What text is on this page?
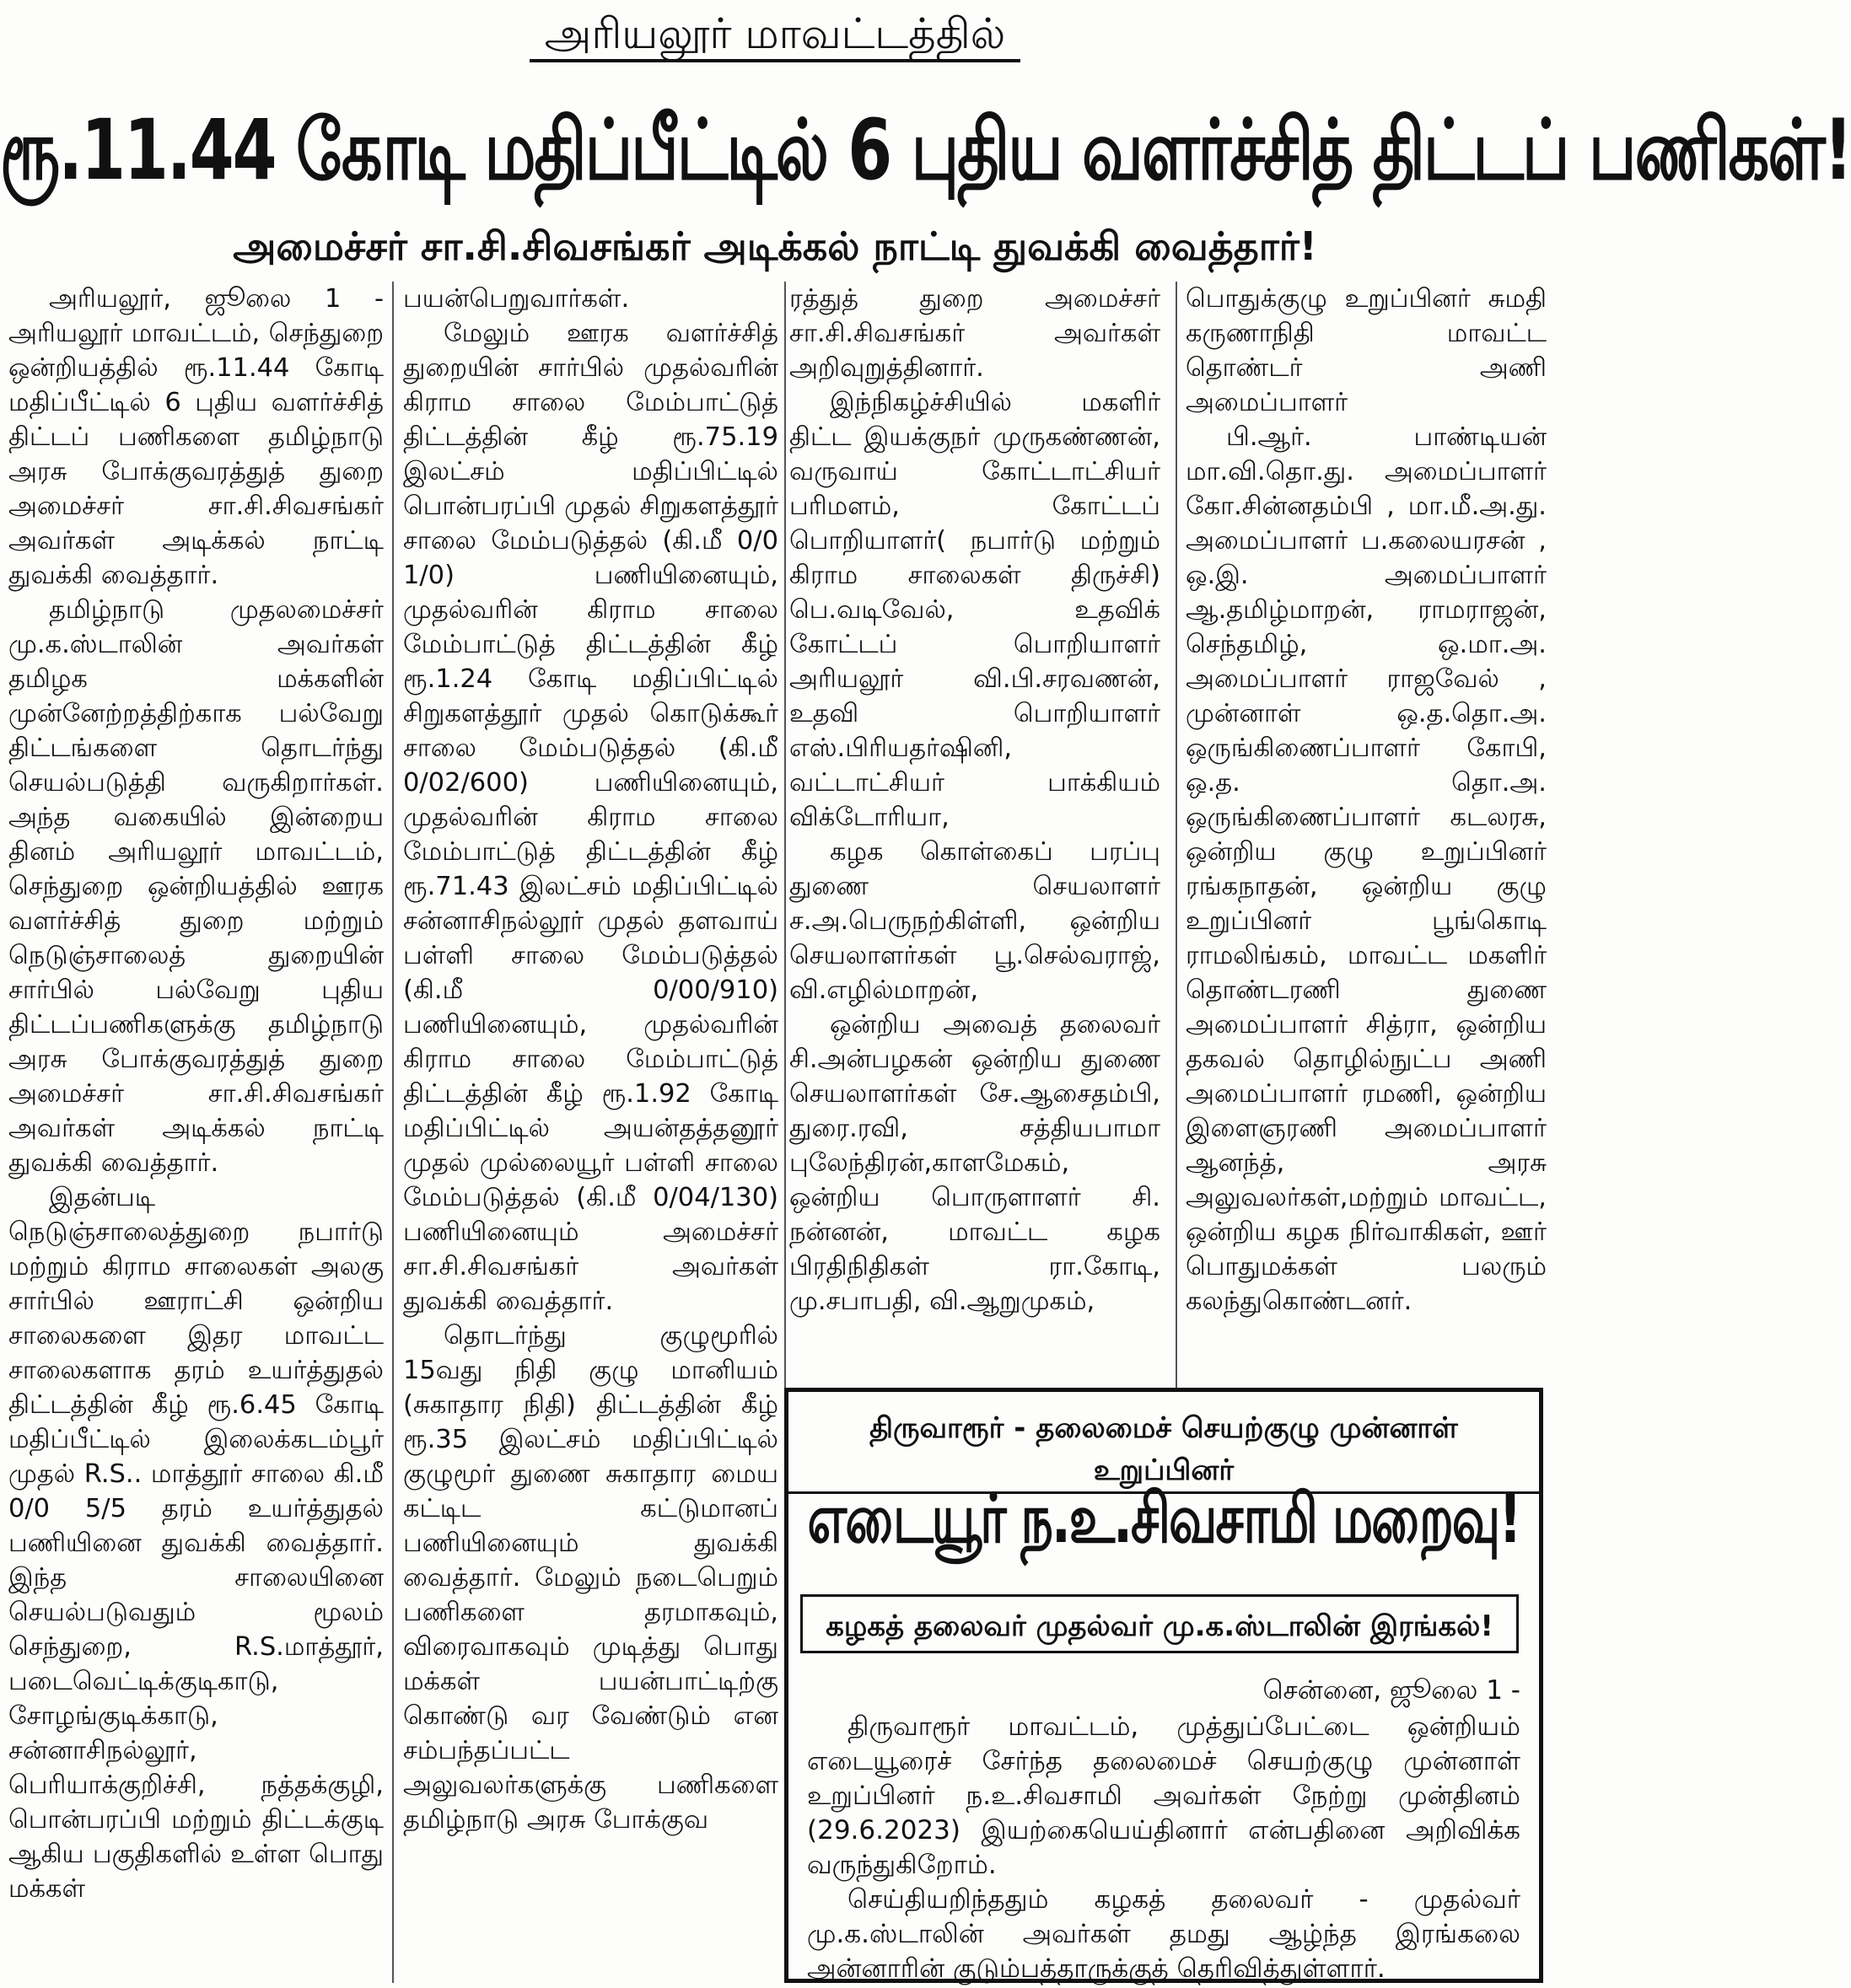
அரியலூர் மாவட்டத்தில்
ரூ.11.44 கோடி மதிப்பீட்டில் 6 புதிய வளர்ச்சித் திட்டப் பணிகள்!
அமைச்சர் சா.சி.சிவசங்கர் அடிக்கல் நாட்டி துவக்கி வைத்தார்!

அரியலூர், ஜூலை 1 - அரியலூர் மாவட்டம், செந்துறை ஒன்றியத்தில் ரூ.11.44 கோடி மதிப்பீட்டில் 6 புதிய வளர்ச்சித் திட்டப் பணிகளை தமிழ்நாடு அரசு போக்குவரத்துத் துறை அமைச்சர் சா.சி.சிவசங்கர் அவர்கள் அடிக்கல் நாட்டி துவக்கி வைத்தார்.

தமிழ்நாடு முதலமைச்சர் மு.க.ஸ்டாலின் அவர்கள் தமிழக மக்களின் முன்னேற்றத்திற்காக பல்வேறு திட்டங்களை தொடர்ந்து செயல்படுத்தி வருகிறார்கள். அந்த வகையில் இன்றைய தினம் அரியலூர் மாவட்டம், செந்துறை ஒன்றியத்தில் ஊரக வளர்ச்சித் துறை மற்றும் நெடுஞ்சாலைத் துறையின் சார்பில் பல்வேறு புதிய திட்டப்பணிகளுக்கு தமிழ்நாடு அரசு போக்குவரத்துத் துறை அமைச்சர் சா.சி.சிவசங்கர் அவர்கள் அடிக்கல் நாட்டி துவக்கி வைத்தார்.

இதன்படி நெடுஞ்சாலைத்துறை நபார்டு மற்றும் கிராம சாலைகள் அலகு சார்பில் ஊராட்சி ஒன்றிய சாலைகளை இதர மாவட்ட சாலைகளாக தரம் உயர்த்துதல் திட்டத்தின் கீழ் ரூ.6.45 கோடி மதிப்பீட்டில் இலைக்கடம்பூர் முதல் R.S.. மாத்தூர் சாலை கி.மீ 0/0 5/5 தரம் உயர்த்துதல் பணியினை துவக்கி வைத்தார். இந்த சாலையினை செயல்படுவதும் மூலம் செந்துறை, R.S.மாத்தூர், படைவெட்டிக்குடிகாடு, சோழங்குடிக்காடு, சன்னாசிநல்லூர், பெரியாக்குறிச்சி, நத்தக்குழி, பொன்பரப்பி மற்றும் திட்டக்குடி ஆகிய பகுதிகளில் உள்ள பொது மக்கள்

பயன்பெறுவார்கள்.

மேலும் ஊரக வளர்ச்சித் துறையின் சார்பில் முதல்வரின் கிராம சாலை மேம்பாட்டுத் திட்டத்தின் கீழ் ரூ.75.19 இலட்சம் மதிப்பிட்டில் பொன்பரப்பி முதல் சிறுகளத்தூர் சாலை மேம்படுத்தல் (கி.மீ 0/0 1/0) பணியினையும், முதல்வரின் கிராம சாலை மேம்பாட்டுத் திட்டத்தின் கீழ் ரூ.1.24 கோடி மதிப்பிட்டில் சிறுகளத்தூர் முதல் கொடுக்கூர் சாலை மேம்படுத்தல் (கி.மீ 0/02/600) பணியினையும், முதல்வரின் கிராம சாலை மேம்பாட்டுத் திட்டத்தின் கீழ் ரூ.71.43 இலட்சம் மதிப்பிட்டில் சன்னாசிநல்லூர் முதல் தளவாய் பள்ளி சாலை மேம்படுத்தல் (கி.மீ 0/00/910) பணியினையும், முதல்வரின் கிராம சாலை மேம்பாட்டுத் திட்டத்தின் கீழ் ரூ.1.92 கோடி மதிப்பிட்டில் அயன்தத்தனூர் முதல் முல்லையூர் பள்ளி சாலை மேம்படுத்தல் (கி.மீ 0/04/130) பணியினையும் அமைச்சர் சா.சி.சிவசங்கர் அவர்கள் துவக்கி வைத்தார்.

தொடர்ந்து குழுமூரில் 15வது நிதி குழு மானியம் (சுகாதார நிதி) திட்டத்தின் கீழ் ரூ.35 இலட்சம் மதிப்பிட்டில் குழுமூர் துணை சுகாதார மைய கட்டிட கட்டுமானப் பணியினையும் துவக்கி வைத்தார். மேலும் நடைபெறும் பணிகளை தரமாகவும், விரைவாகவும் முடித்து பொது மக்கள் பயன்பாட்டிற்கு கொண்டு வர வேண்டும் என சம்பந்தப்பட்ட அலுவலர்களுக்கு பணிகளை தமிழ்நாடு அரசு போக்குவ

ரத்துத் துறை அமைச்சர் சா.சி.சிவசங்கர் அவர்கள் அறிவுறுத்தினார்.

இந்நிகழ்ச்சியில் மகளிர் திட்ட இயக்குநர் முருகண்ணன், வருவாய் கோட்டாட்சியர் பரிமளம், கோட்டப் பொறியாளர்( நபார்டு மற்றும் கிராம சாலைகள் திருச்சி) பெ.வடிவேல், உதவிக் கோட்டப் பொறியாளர் அரியலூர் வி.பி.சரவணன், உதவி பொறியாளர் எஸ்.பிரியதர்ஷினி, வட்டாட்சியர் பாக்கியம் விக்டோரியா,

கழக கொள்கைப் பரப்பு துணை செயலாளர் ச.அ.பெருநற்கிள்ளி, ஒன்றிய செயலாளர்கள் பூ.செல்வராஜ், வி.எழில்மாறன்,

ஒன்றிய அவைத் தலைவர் சி.அன்பழகன் ஒன்றிய துணை செயலாளர்கள் சே.ஆசைதம்பி, துரை.ரவி, சத்தியபாமா புலேந்திரன்,காளமேகம், ஒன்றிய பொருளாளர் சி. நன்னன், மாவட்ட கழக பிரதிநிதிகள் ரா.கோடி, மு.சபாபதி, வி.ஆறுமுகம்,

பொதுக்குழு உறுப்பினர் சுமதி கருணாநிதி மாவட்ட தொண்டர் அணி அமைப்பாளர்

பி.ஆர். பாண்டியன் மா.வி.தொ.து. அமைப்பாளர் கோ.சின்னதம்பி , மா.மீ.அ.து. அமைப்பாளர் ப.கலையரசன் , ஒ.இ. அமைப்பாளர் ஆ.தமிழ்மாறன், ராமராஜன், செந்தமிழ், ஒ.மா.அ. அமைப்பாளர் ராஜவேல் , முன்னாள் ஒ.த.தொ.அ. ஒருங்கிணைப்பாளர் கோபி, ஒ.த. தொ.அ. ஒருங்கிணைப்பாளர் கடலரசு, ஒன்றிய குழு உறுப்பினர் ரங்கநாதன், ஒன்றிய குழு உறுப்பினர் பூங்கொடி ராமலிங்கம், மாவட்ட மகளிர் தொண்டரணி துணை அமைப்பாளர் சித்ரா, ஒன்றிய தகவல் தொழில்நுட்ப அணி அமைப்பாளர் ரமணி, ஒன்றிய இளைஞரணி அமைப்பாளர் ஆனந்த், அரசு அலுவலர்கள்,மற்றும் மாவட்ட, ஒன்றிய கழக நிர்வாகிகள், ஊர் பொதுமக்கள் பலரும் கலந்துகொண்டனர்.

திருவாரூர் - தலைமைச் செயற்குழு முன்னாள் உறுப்பினர்
எடையூர் ந.உ.சிவசாமி மறைவு!
கழகத் தலைவர் முதல்வர் மு.க.ஸ்டாலின் இரங்கல்!
சென்னை, ஜூலை 1 -

திருவாரூர் மாவட்டம், முத்துப்பேட்டை ஒன்றியம் எடையூரைச் சேர்ந்த தலைமைச் செயற்குழு முன்னாள் உறுப்பினர் ந.உ.சிவசாமி அவர்கள் நேற்று முன்தினம் (29.6.2023) இயற்கையெய்தினார் என்பதினை அறிவிக்க வருந்துகிறோம்.

செய்தியறிந்ததும் கழகத் தலைவர் - முதல்வர் மு.க.ஸ்டாலின் அவர்கள் தமது ஆழ்ந்த இரங்கலை அன்னாரின் குடும்பத்தாருக்குத் தெரிவித்துள்ளார்.
